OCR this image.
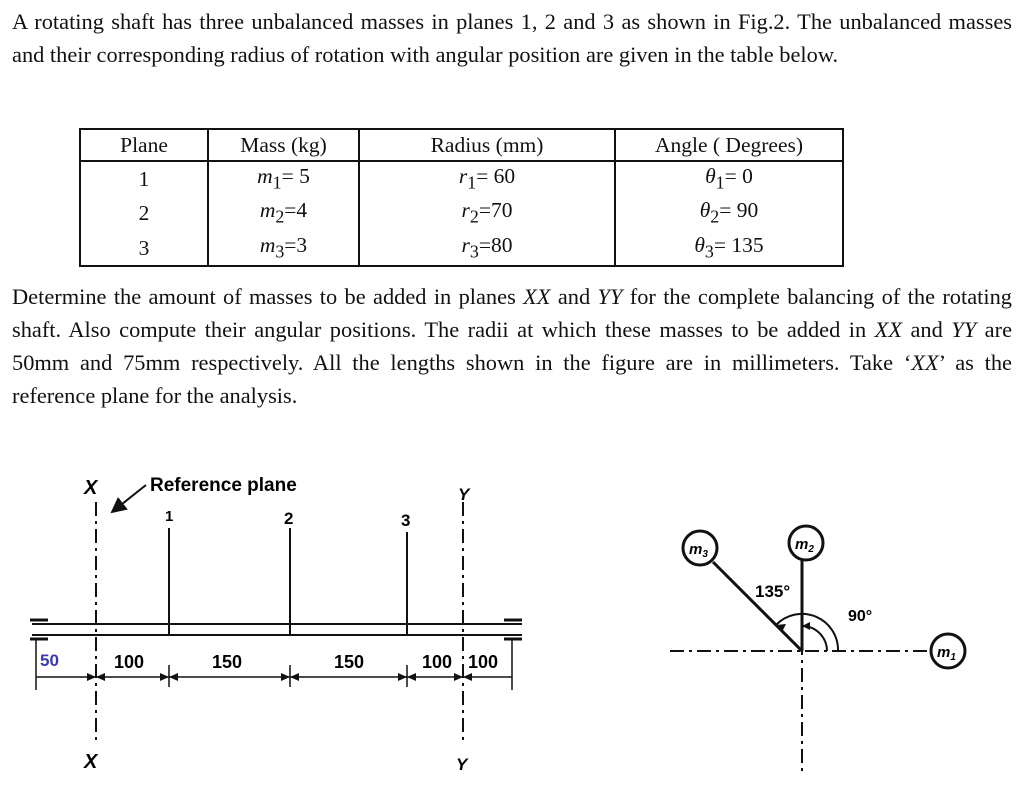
A rotating shaft has three unbalanced masses in planes 1, 2 and 3 as shown in Fig.2. The unbalanced masses and their corresponding radius of rotation with angular position are given in the table below.

Plane	Mass (kg)	Radius (mm)	Angle ( Degrees)
1	$m_1= 5$	$r_1= 60$	$\theta_1= 0$
2	$m_2=4$	$r_2=70$	$\theta_2= 90$
3	$m_3=3$	$r_3=80$	$\theta_3= 135$

Determine the amount of masses to be added in planes XX and YY for the complete balancing of the rotating shaft. Also compute their angular positions. The radii at which these masses to be added in XX and YY are 50mm and 75mm respectively. All the lengths shown in the figure are in millimeters. Take ‘XX’ as the reference plane for the analysis.

X
X
Y
Y
Reference plane
1	2	3
50	100	150	150	100 100
$m_3$
$m_2$
$m_1$
135°
90°
